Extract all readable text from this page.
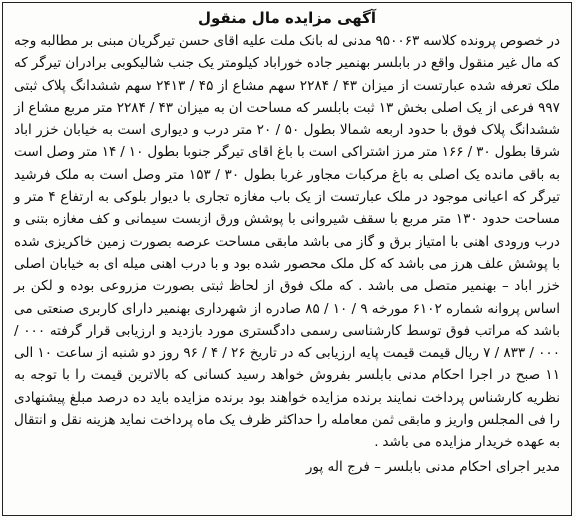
آگهی مزایده مال منقول

در خصوص پرونده کلاسه ۹۵۰۰۶۳ مدنی له بانک ملت علیه اقای حسن تیرگریان مبنی بر مطالبه وجه که مال غیر منقول واقع در بابلسر بهنمیر جاده خوراباد کیلومتر یک جنب شالیکوبی برادران تیرگر که ملک تعرفه شده عبارتست از میزان ۴۳ / ۲۲۸۴ سهم مشاع از ۴۵ / ۲۴۱۳ سهم ششدانگ پلاک ثبتی ۹۹۷ فرعی از یک اصلی بخش ۱۳ ثبت بابلسر که مساحت ان به میزان ۴۳ / ۲۲۸۴ متر مربع مشاع از ششدانگ پلاک فوق با حدود اربعه شمالا بطول ۵۰ / ۲۰ متر درب و دیواری است به خیابان خزر اباد شرقا بطول ۳۰ / ۱۶۶ متر مرز اشتراکی است با باغ اقای تیرگر جنوبا بطول ۱۰ / ۱۴ متر وصل است به باقی مانده یک اصلی به باغ مرکبات مجاور غربا بطول ۳۰ / ۱۵۳ متر وصل است به ملک فرشید تیرگر که اعیانی موجود در ملک عبارتست از یک باب مغازه تجاری با دیوار بلوکی به ارتفاع ۴ متر و مساحت حدود ۱۳۰ متر مربع با سقف شیروانی با پوشش ورق ازبست سیمانی و کف مغازه بتنی و درب ورودی اهنی با امتیاز برق و گاز می باشد مابقی مساحت عرصه بصورت زمین خاکریزی شده با پوشش علف هرز می باشد که کل ملک محصور شده بود و با درب اهنی میله ای به خیابان اصلی خزر اباد – بهنمیر متصل می باشد . که ملک فوق از لحاظ ثبتی بصورت مزروعی بوده و لکن بر اساس پروانه شماره ۶۱۰۲ مورخه ۹ / ۱۰ / ۸۵ صادره از شهرداری بهنمیر دارای کاربری صنعتی می باشد که مراتب فوق توسط کارشناسی رسمی دادگستری مورد بازدید و ارزیابی قرار گرفته ۰۰۰ / ۰۰۰ / ۸۳۳ / ۷ ریال قیمت قیمت پایه ارزیابی که در تاریخ ۲۶ / ۴ / ۹۶ روز دو شنبه از ساعت ۱۰ الی ۱۱ صبح در اجرا احکام مدنی بابلسر بفروش خواهد رسید کسانی که بالاترین قیمت را با توجه به نظریه کارشناس پرداخت نمایند برنده مزایده خواهند بود برنده مزایده باید ده درصد مبلغ پیشنهادی را فی المجلس واریز و مابقی ثمن معامله را حداکثر ظرف یک ماه پرداخت نماید هزینه نقل و انتقال به عهده خریدار مزایده می باشد .

مدیر اجرای احکام مدنی بابلسر – فرج اله پور
